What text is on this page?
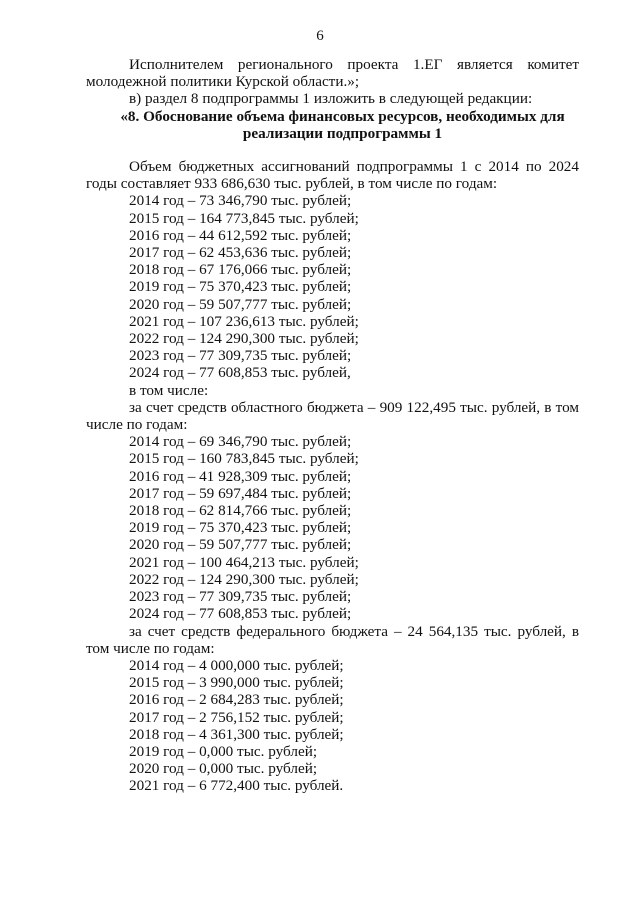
6

Исполнителем регионального проекта 1.ЕГ является комитет молодежной политики Курской области.»;

в) раздел 8 подпрограммы 1 изложить в следующей редакции:

«8. Обоснование объема финансовых ресурсов, необходимых для реализации подпрограммы 1

Объем бюджетных ассигнований подпрограммы 1 с 2014 по 2024 годы составляет 933 686,630 тыс. рублей, в том числе по годам:

2014 год – 73 346,790 тыс. рублей;

2015 год – 164 773,845 тыс. рублей;

2016 год – 44 612,592 тыс. рублей;

2017 год – 62 453,636 тыс. рублей;

2018 год – 67 176,066 тыс. рублей;

2019 год – 75 370,423 тыс. рублей;

2020 год – 59 507,777 тыс. рублей;

2021 год – 107 236,613 тыс. рублей;

2022 год – 124 290,300 тыс. рублей;

2023 год – 77 309,735 тыс. рублей;

2024 год – 77 608,853 тыс. рублей,

в том числе:

за счет средств областного бюджета – 909 122,495 тыс. рублей, в том числе по годам:

2014 год – 69 346,790 тыс. рублей;

2015 год – 160 783,845 тыс. рублей;

2016 год – 41 928,309 тыс. рублей;

2017 год – 59 697,484 тыс. рублей;

2018 год – 62 814,766 тыс. рублей;

2019 год – 75 370,423 тыс. рублей;

2020 год – 59 507,777 тыс. рублей;

2021 год – 100 464,213 тыс. рублей;

2022 год – 124 290,300 тыс. рублей;

2023 год – 77 309,735 тыс. рублей;

2024 год – 77 608,853 тыс. рублей;

за счет средств федерального бюджета – 24 564,135 тыс. рублей, в том числе по годам:

2014 год – 4 000,000 тыс. рублей;

2015 год – 3 990,000 тыс. рублей;

2016 год – 2 684,283 тыс. рублей;

2017 год – 2 756,152 тыс. рублей;

2018 год – 4 361,300 тыс. рублей;

2019 год – 0,000 тыс. рублей;

2020 год – 0,000 тыс. рублей;

2021 год – 6 772,400 тыс. рублей.
